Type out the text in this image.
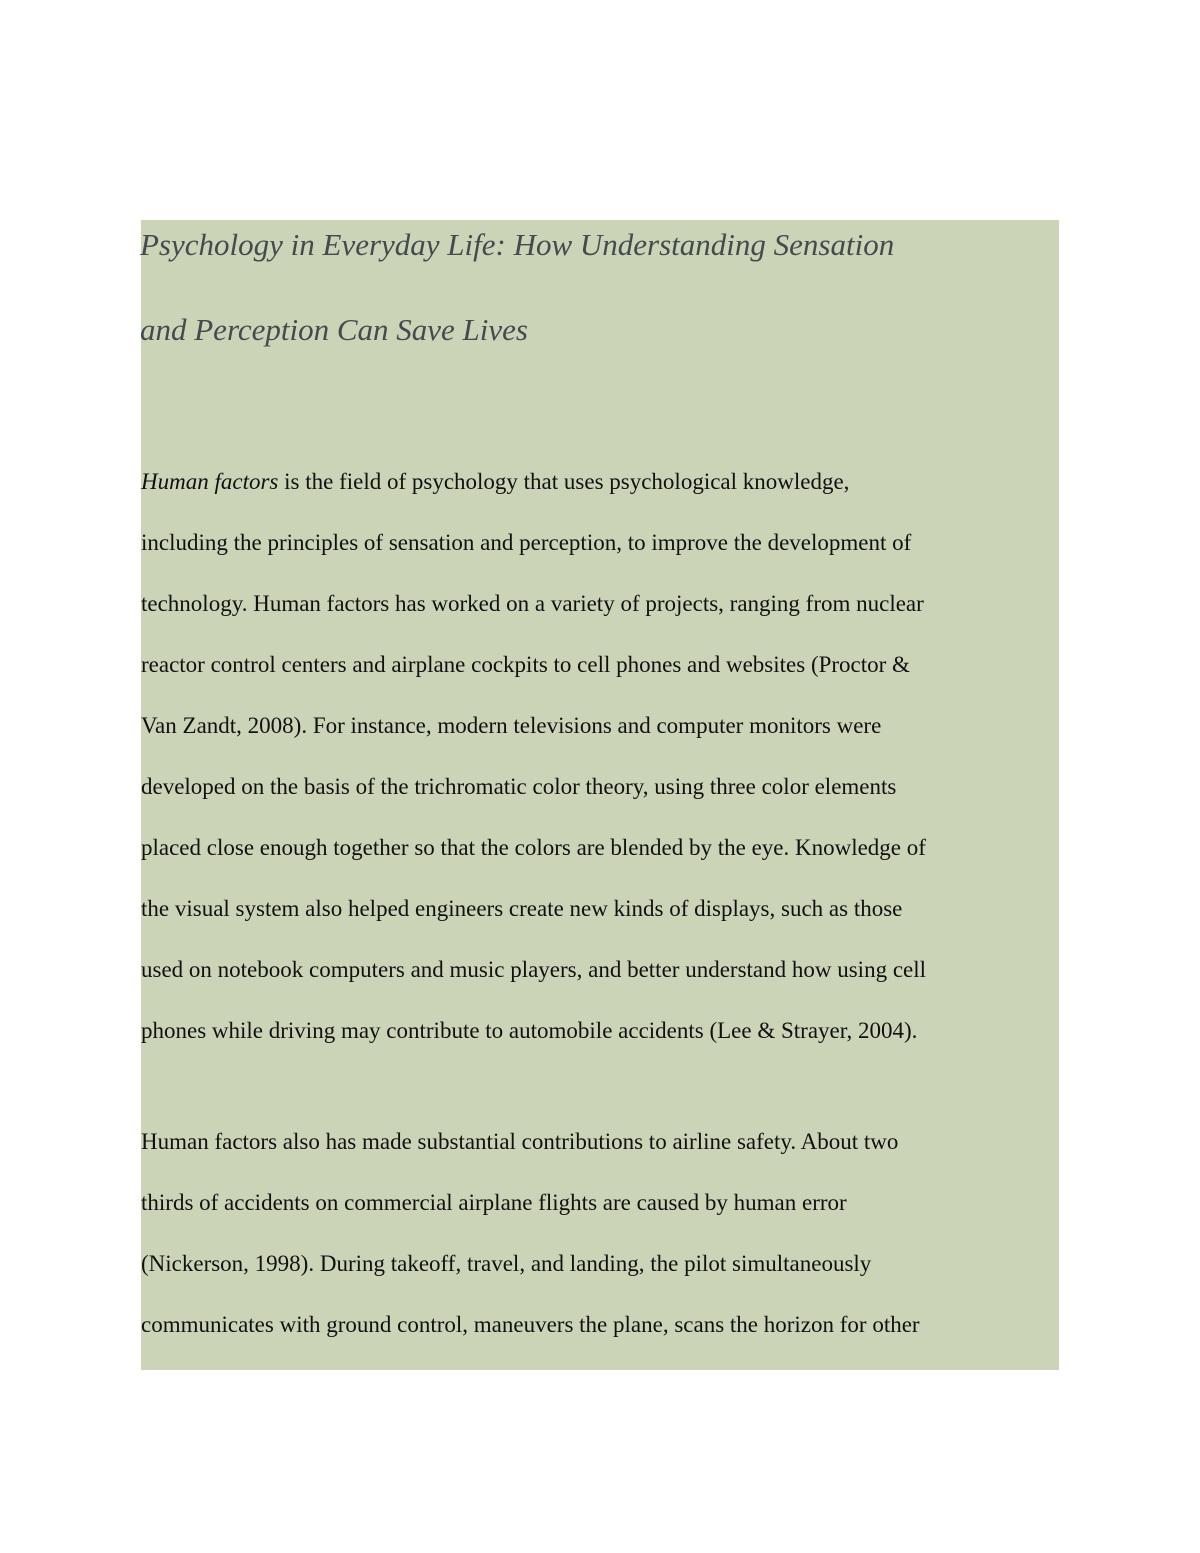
Psychology in Everyday Life: How Understanding Sensation
and Perception Can Save Lives
Human factors is the field of psychology that uses psychological knowledge,
including the principles of sensation and perception, to improve the development of
technology. Human factors has worked on a variety of projects, ranging from nuclear
reactor control centers and airplane cockpits to cell phones and websites (Proctor &
Van Zandt, 2008). For instance, modern televisions and computer monitors were
developed on the basis of the trichromatic color theory, using three color elements
placed close enough together so that the colors are blended by the eye. Knowledge of
the visual system also helped engineers create new kinds of displays, such as those
used on notebook computers and music players, and better understand how using cell
phones while driving may contribute to automobile accidents (Lee & Strayer, 2004).
Human factors also has made substantial contributions to airline safety. About two
thirds of accidents on commercial airplane flights are caused by human error
(Nickerson, 1998). During takeoff, travel, and landing, the pilot simultaneously
communicates with ground control, maneuvers the plane, scans the horizon for other
